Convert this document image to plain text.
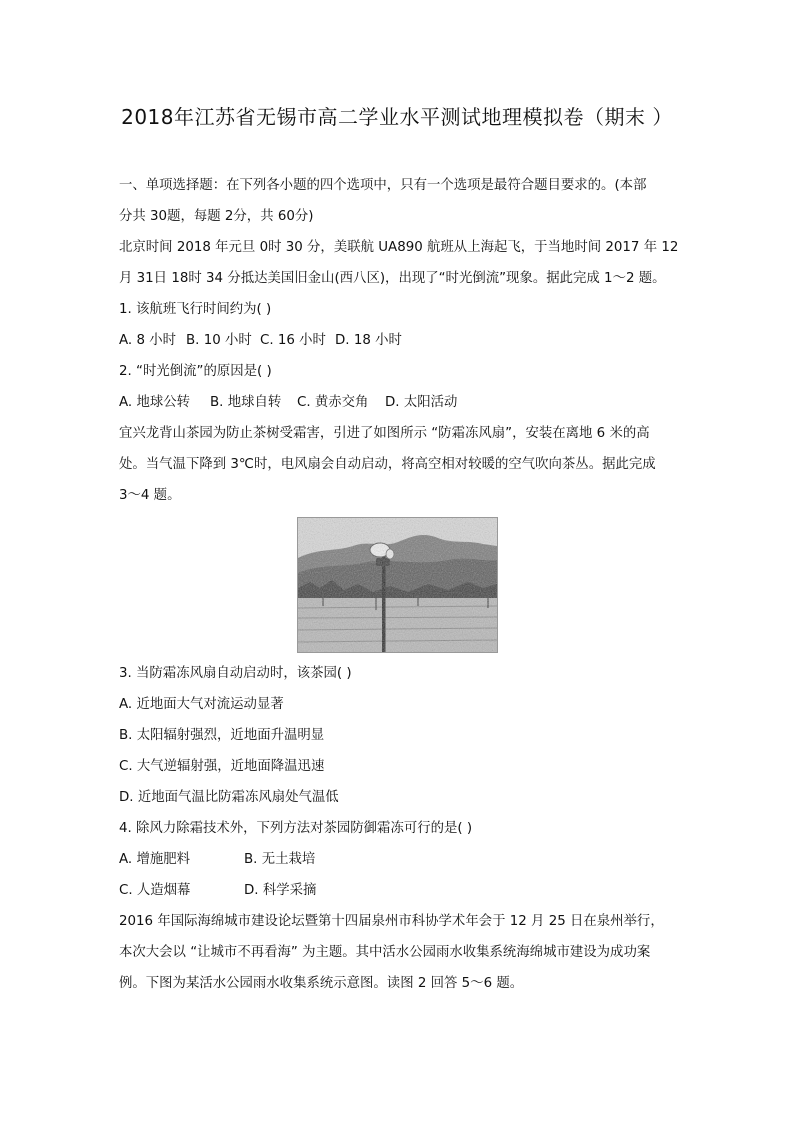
2018年江苏省无锡市高二学业水平测试地理模拟卷（期末 ）
一、单项选择题：在下列各小题的四个选项中，只有一个选项是最符合题目要求的。(本部
分共 30题，每题 2分，共 60分)
北京时间 2018 年元旦 0时 30 分，美联航 UA890 航班从上海起飞，于当地时间 2017 年 12
月 31日 18时 34 分抵达美国旧金山(西八区)，出现了“时光倒流”现象。据此完成 1～2 题。
1. 该航班飞行时间约为( )
A. 8 小时 B. 10 小时 C. 16 小时 D. 18 小时
2. “时光倒流”的原因是( )
A. 地球公转 B. 地球自转 C. 黄赤交角 D. 太阳活动
宜兴龙背山茶园为防止茶树受霜害，引进了如图所示 “防霜冻风扇”，安装在离地 6 米的高
处。当气温下降到 3℃时，电风扇会自动启动，将高空相对较暖的空气吹向茶丛。据此完成
3～4 题。
3. 当防霜冻风扇自动启动时，该茶园( )
A. 近地面大气对流运动显著
B. 太阳辐射强烈，近地面升温明显
C. 大气逆辐射强，近地面降温迅速
D. 近地面气温比防霜冻风扇处气温低
4. 除风力除霜技术外，下列方法对茶园防御霜冻可行的是( )
A. 增施肥料	B. 无土栽培
C. 人造烟幕	D. 科学采摘
2016 年国际海绵城市建设论坛暨第十四届泉州市科协学术年会于 12 月 25 日在泉州举行，
本次大会以 “让城市不再看海” 为主题。其中活水公园雨水收集系统海绵城市建设为成功案
例。下图为某活水公园雨水收集系统示意图。读图 2 回答 5～6 题。
